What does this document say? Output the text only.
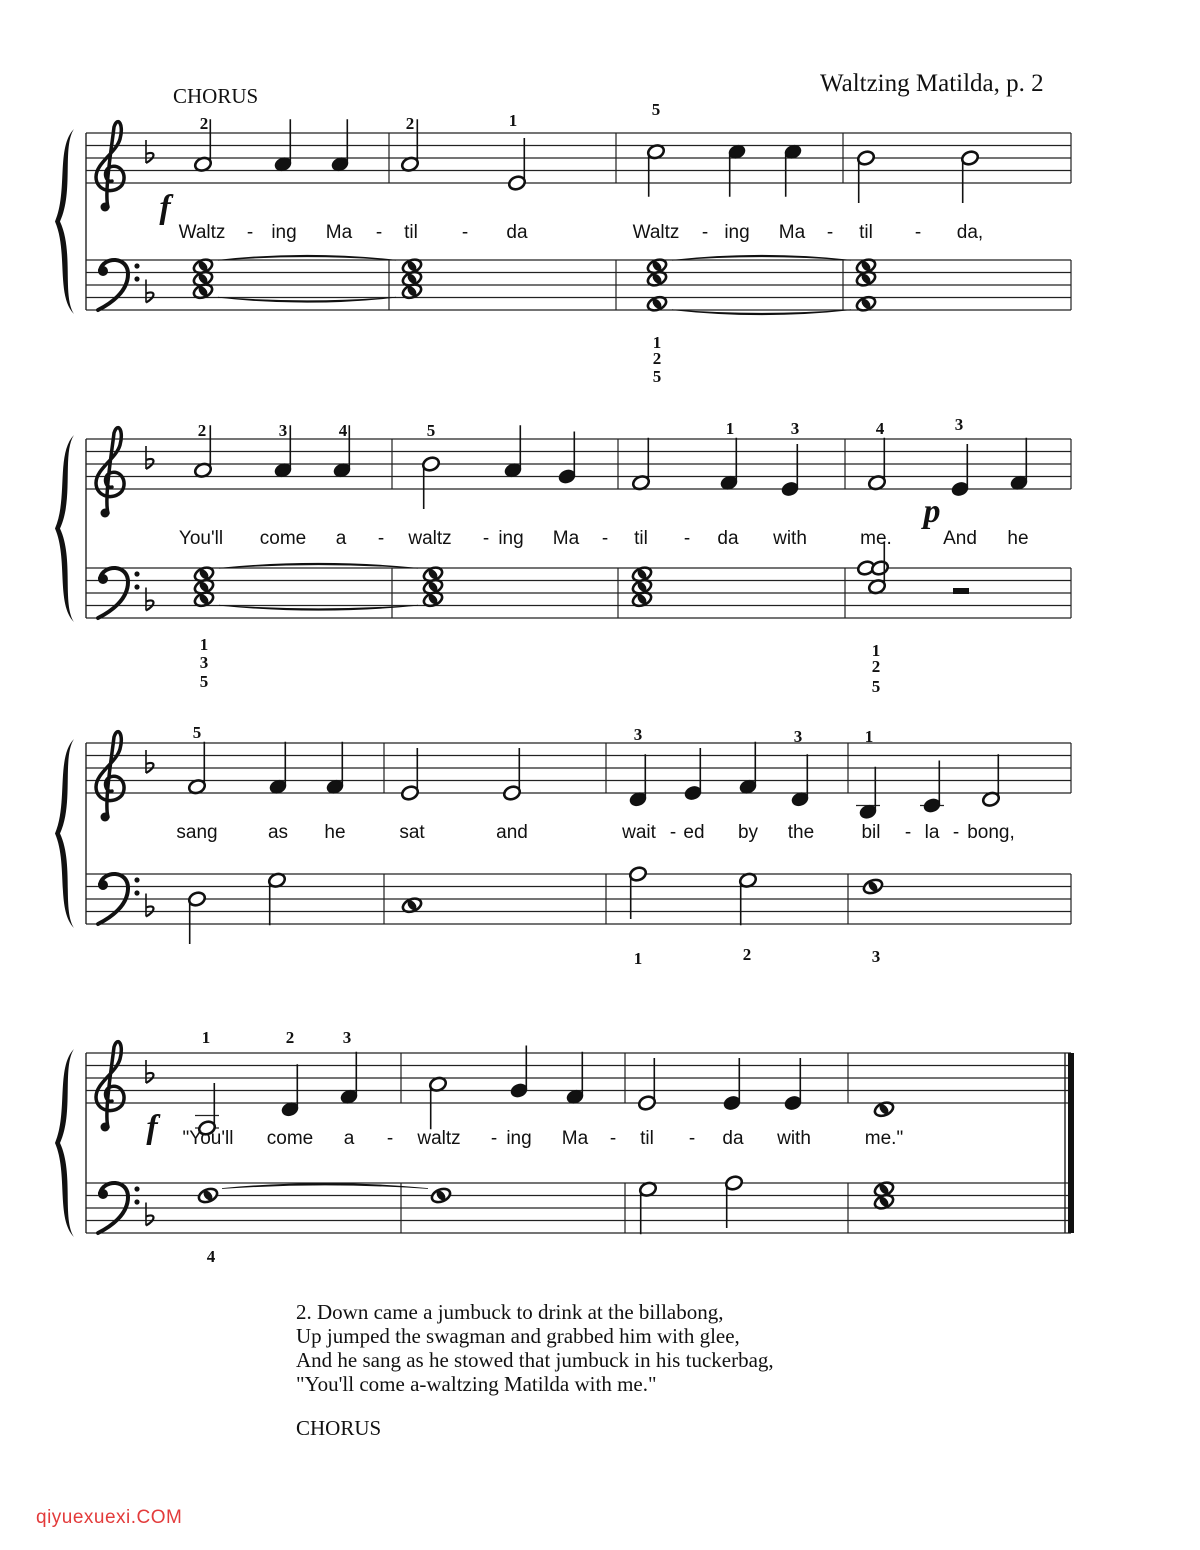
Waltz - ing Ma - til - da	Waltz - ing Ma - til - da,
2	2	1
5
1
2
5
f
You'll come a - waltz - ing Ma - til - da with	me.	And he
2	3	4	5	1	3	4	3
1
3
5
1
2
5
p
sang	as he	sat	and	wait - ed by the bil - la - bong,
5	3	3	1
1	2	3
"You'll come a - waltz - ing Ma - til - da with	me."
1	2	3
4
f
Waltzing Matilda, p. 2
CHORUS
2. Down came a jumbuck to drink at the billabong,
Up jumped the swagman and grabbed him with glee,
And he sang as he stowed that jumbuck in his tuckerbag,
"You'll come a-waltzing Matilda with me."
CHORUS
qiyuexuexi.COM
